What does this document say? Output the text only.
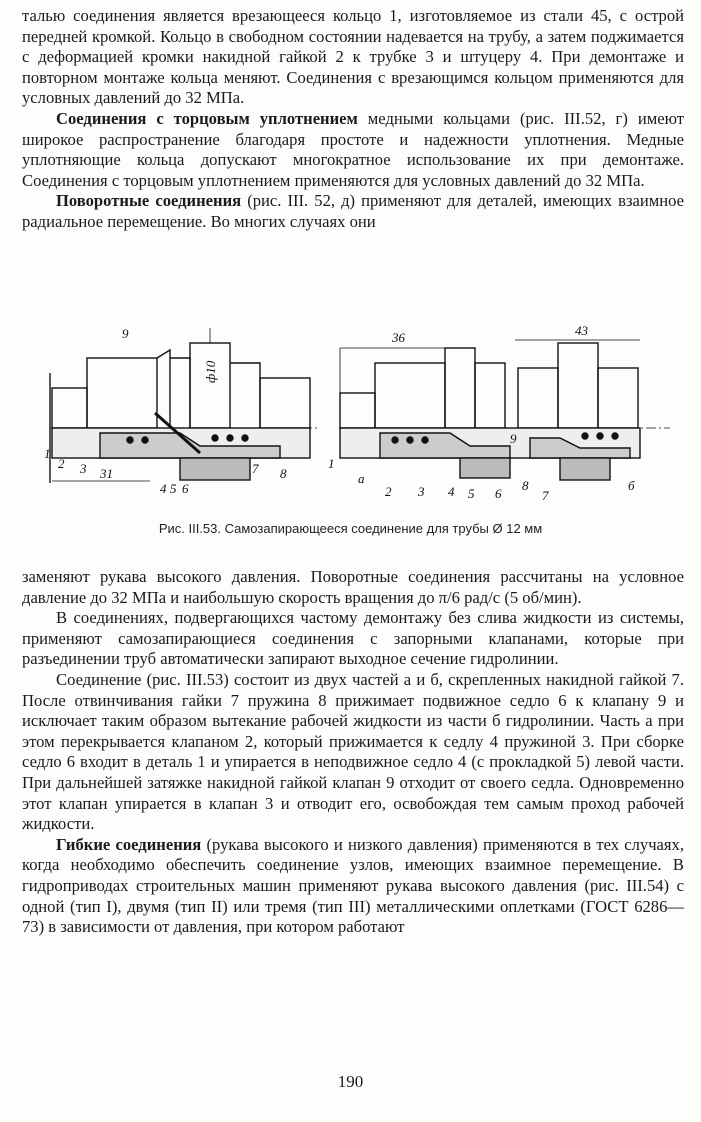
талью соединения является врезающееся кольцо 1, изготовляемое из стали 45, с острой передней кромкой. Кольцо в свободном состоянии надевается на трубу, а затем поджимается с деформацией кромки накидной гайкой 2 к трубке 3 и штуцеру 4. При демонтаже и повторном монтаже кольца меняют. Соединения с врезающимся кольцом применяются для условных давлений до 32 МПа.

Соединения с торцовым уплотнением медными кольцами (рис. III.52, г) имеют широкое распространение благодаря простоте и надежности уплотнения. Медные уплотняющие кольца допускают многократное использование их при демонтаже. Соединения с торцовым уплотнением применяются для условных давлений до 32 МПа.

Поворотные соединения (рис. III. 52, д) применяют для деталей, имеющих взаимное радиальное перемещение. Во многих случаях они

36	43
31
ф10
9
1
2 3
4 5 6
7 8
1
а
2 3 4 5 6
9
8
7
б
Рис. III.53. Самозапирающееся соединение для трубы Ø 12 мм

заменяют рукава высокого давления. Поворотные соединения рассчитаны на условное давление до 32 МПа и наибольшую скорость вращения до π/6 рад/с (5 об/мин).

В соединениях, подвергающихся частому демонтажу без слива жидкости из системы, применяют самозапирающиеся соединения с запорными клапанами, которые при разъединении труб автоматически запирают выходное сечение гидролинии.

Соединение (рис. III.53) состоит из двух частей а и б, скрепленных накидной гайкой 7. После отвинчивания гайки 7 пружина 8 прижимает подвижное седло 6 к клапану 9 и исключает таким образом вытекание рабочей жидкости из части б гидролинии. Часть а при этом перекрывается клапаном 2, который прижимается к седлу 4 пружиной 3. При сборке седло 6 входит в деталь 1 и упирается в неподвижное седло 4 (с прокладкой 5) левой части. При дальнейшей затяжке накидной гайкой клапан 9 отходит от своего седла. Одновременно этот клапан упирается в клапан 3 и отводит его, освобождая тем самым проход рабочей жидкости.

Гибкие соединения (рукава высокого и низкого давления) применяются в тех случаях, когда необходимо обеспечить соединение узлов, имеющих взаимное перемещение. В гидроприводах строительных машин применяют рукава высокого давления (рис. III.54) с одной (тип I), двумя (тип II) или тремя (тип III) металлическими оплетками (ГОСТ 6286—73) в зависимости от давления, при котором работают

190
